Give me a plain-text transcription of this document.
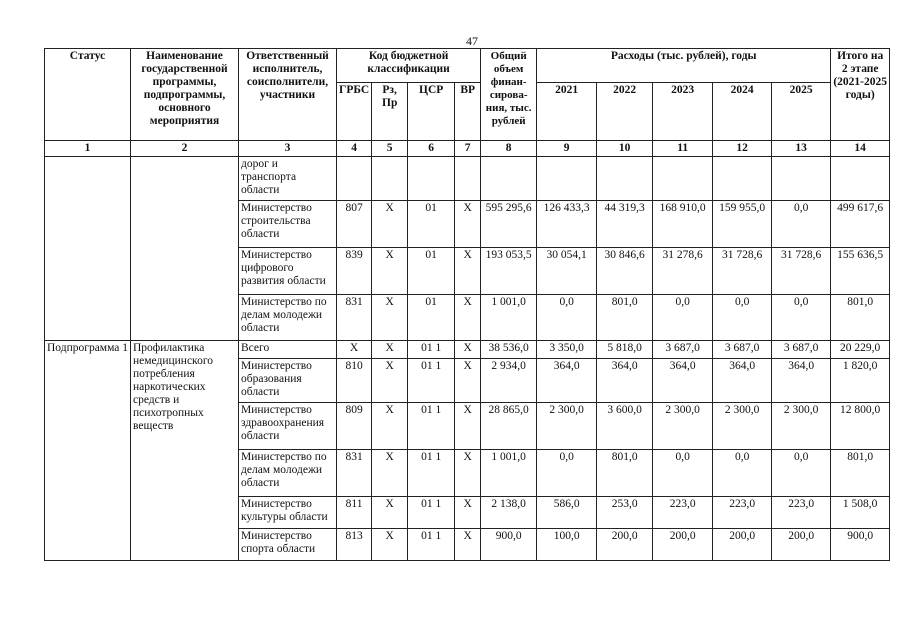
47
Статус	Наименование государственной программы, подпрограммы, основного мероприятия	Ответственный исполнитель, соисполнители, участники	Код бюджетной классификации				Общий объем финан-сирова-ния, тыс. рублей	Расходы (тыс. рублей), годы					Итого на 2 этапе (2021-2025 годы)
			ГРБС	Рз, Пр	ЦСР	ВР		2021	2022	2023	2024	2025	
1	2	3	4	5	6	7	8	9	10	11	12	13	14
		дорог и транспорта области											
		Министерство строительства области	807	X	01	X	595 295,6	126 433,3	44 319,3	168 910,0	159 955,0	0,0	499 617,6
		Министерство цифрового развития области	839	X	01	X	193 053,5	30 054,1	30 846,6	31 278,6	31 728,6	31 728,6	155 636,5
		Министерство по делам молодежи области	831	X	01	X	1 001,0	0,0	801,0	0,0	0,0	0,0	801,0
Подпрограмма 1	Профилактика немедицинского потребления наркотических средств и психотропных веществ	Всего	X	X	01 1	X	38 536,0	3 350,0	5 818,0	3 687,0	3 687,0	3 687,0	20 229,0
		Министерство образования области	810	X	01 1	X	2 934,0	364,0	364,0	364,0	364,0	364,0	1 820,0
		Министерство здравоохранения области	809	X	01 1	X	28 865,0	2 300,0	3 600,0	2 300,0	2 300,0	2 300,0	12 800,0
		Министерство по делам молодежи области	831	X	01 1	X	1 001,0	0,0	801,0	0,0	0,0	0,0	801,0
		Министерство культуры области	811	X	01 1	X	2 138,0	586,0	253,0	223,0	223,0	223,0	1 508,0
		Министерство спорта области	813	X	01 1	X	900,0	100,0	200,0	200,0	200,0	200,0	900,0
